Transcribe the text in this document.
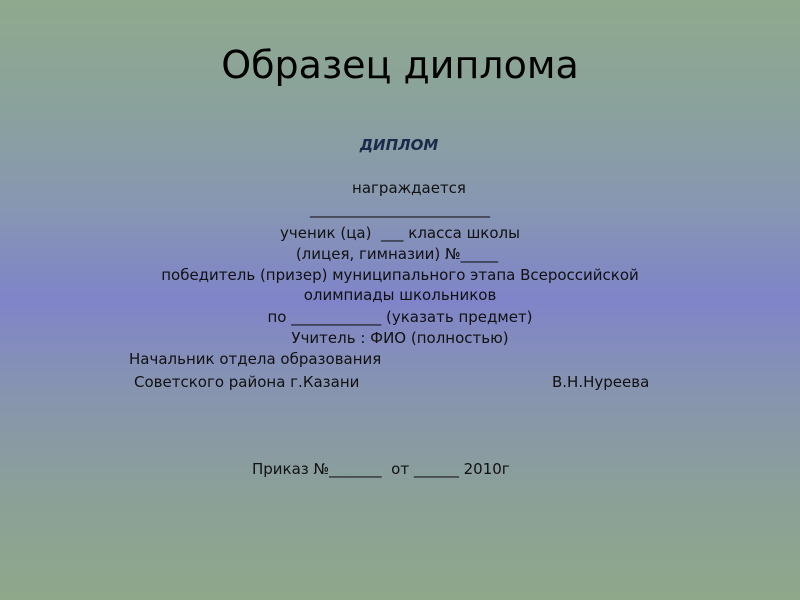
Образец диплома
ДИПЛОМ
награждается
________________________
ученик (ца)  ___ класса школы
(лицея, гимназии) №_____
победитель (призер) муниципального этапа Всероссийской
олимпиады школьников
по ____________ (указать предмет)
Учитель : ФИО (полностью)
Начальник отдела образования
Советского района г.Казани	В.Н.Нуреева
Приказ №_______  от ______ 2010г
